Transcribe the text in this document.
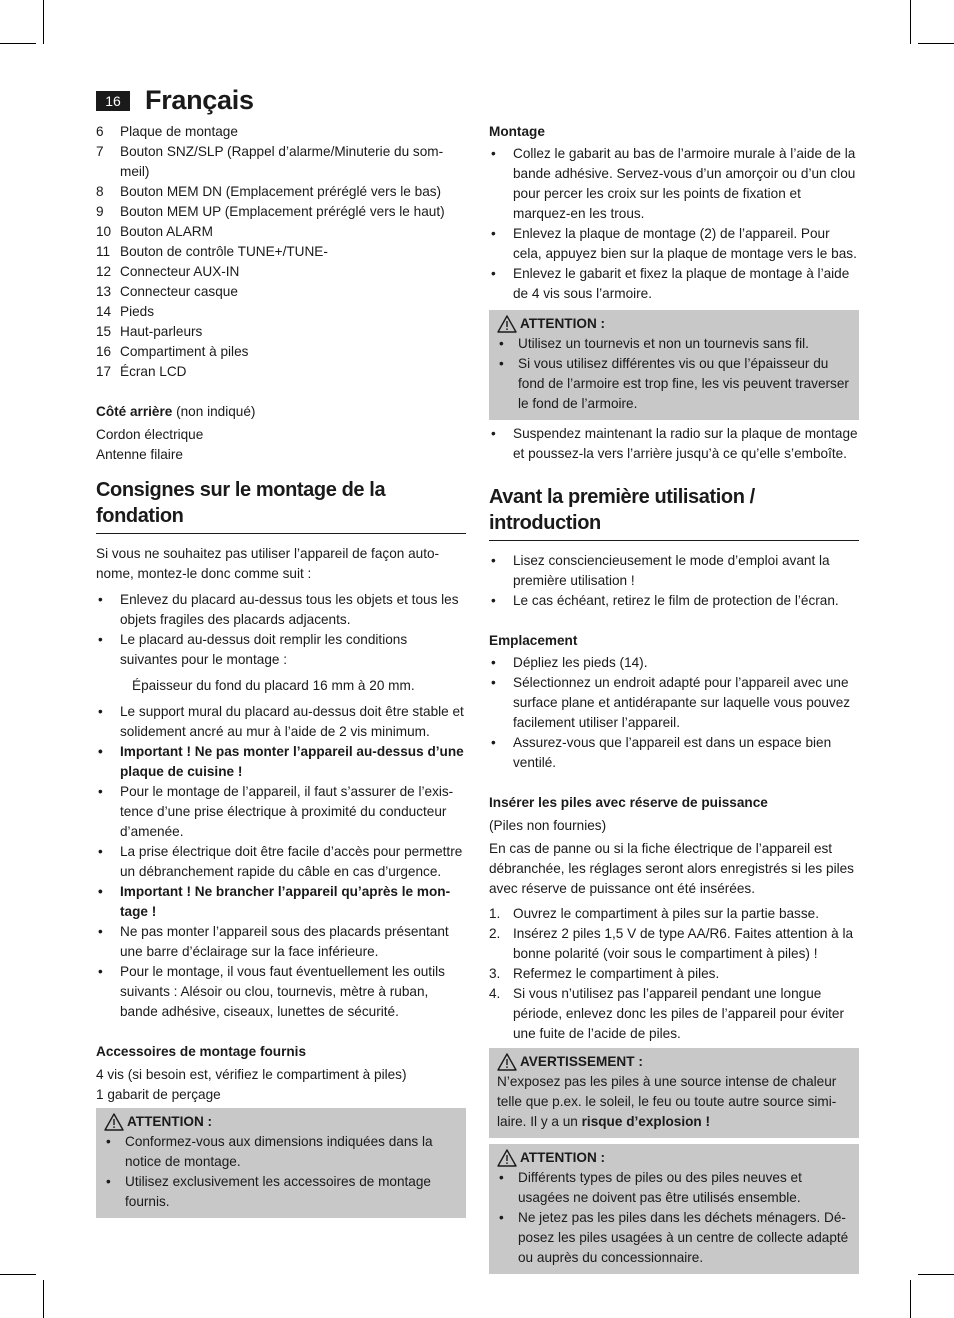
16 Français
6	Plaque de montage
7	Bouton SNZ/SLP (Rappel d’alarme/Minuterie du som-meil)
8	Bouton MEM DN (Emplacement préréglé vers le bas)
9	Bouton MEM UP (Emplacement préréglé vers le haut)
10 Bouton ALARM
11 Bouton de contrôle TUNE+/TUNE-
12 Connecteur AUX-IN
13 Connecteur casque
14 Pieds
15 Haut-parleurs
16 Compartiment à piles
17 Écran LCD

Côté arrière (non indiqué)

Cordon électrique

Antenne filaire

Consignes sur le montage de la fondation

Si vous ne souhaitez pas utiliser l’appareil de façon auto-nome, montez-le donc comme suit :

• Enlevez du placard au-dessus tous les objets et tous les objets fragiles des placards adjacents.
• Le placard au-dessus doit remplir les conditions suivantes pour le montage :

Épaisseur du fond du placard 16 mm à 20 mm.

• Le support mural du placard au-dessus doit être stable et solidement ancré au mur à l’aide de 2 vis minimum.
• Important ! Ne pas monter l’appareil au-dessus d’une plaque de cuisine !
• Pour le montage de l’appareil, il faut s’assurer de l’exis-tence d’une prise électrique à proximité du conducteur d’amenée.
• La prise électrique doit être facile d’accès pour permettre un débranchement rapide du câble en cas d’urgence.
• Important ! Ne brancher l’appareil qu’après le mon-tage !
• Ne pas monter l’appareil sous des placards présentant une barre d’éclairage sur la face inférieure.
• Pour le montage, il vous faut éventuellement les outils suivants : Alésoir ou clou, tournevis, mètre à ruban, bande adhésive, ciseaux, lunettes de sécurité.

Accessoires de montage fournis

4 vis (si besoin est, vérifiez le compartiment à piles)

1 gabarit de perçage

ATTENTION :
• Conformez-vous aux dimensions indiquées dans la notice de montage.
• Utilisez exclusivement les accessoires de montage fournis.

Montage

• Collez le gabarit au bas de l’armoire murale à l’aide de la bande adhésive. Servez-vous d’un amorçoir ou d’un clou pour percer les croix sur les points de fixation et marquez-en les trous.
• Enlevez la plaque de montage (2) de l’appareil. Pour cela, appuyez bien sur la plaque de montage vers le bas.
• Enlevez le gabarit et fixez la plaque de montage à l’aide de 4 vis sous l’armoire.
ATTENTION :
• Utilisez un tournevis et non un tournevis sans fil.
• Si vous utilisez différentes vis ou que l’épaisseur du fond de l’armoire est trop fine, les vis peuvent traverser le fond de l’armoire.
• Suspendez maintenant la radio sur la plaque de montage et poussez-la vers l’arrière jusqu’à ce qu’elle s’emboîte.
Avant la première utilisation / introduction
• Lisez consciencieusement le mode d’emploi avant la première utilisation !
• Le cas échéant, retirez le film de protection de l’écran.

Emplacement

• Dépliez les pieds (14).
• Sélectionnez un endroit adapté pour l’appareil avec une surface plane et antidérapante sur laquelle vous pouvez facilement utiliser l’appareil.
• Assurez-vous que l’appareil est dans un espace bien ventilé.

Insérer les piles avec réserve de puissance

(Piles non fournies)

En cas de panne ou si la fiche électrique de l’appareil est débranchée, les réglages seront alors enregistrés si les piles avec réserve de puissance ont été insérées.

1. Ouvrez le compartiment à piles sur la partie basse.
2. Insérez 2 piles 1,5 V de type AA/R6. Faites attention à la bonne polarité (voir sous le compartiment à piles) !
3. Refermez le compartiment à piles.
4. Si vous n’utilisez pas l’appareil pendant une longue période, enlevez donc les piles de l’appareil pour éviter une fuite de l’acide de piles.
AVERTISSEMENT :

N’exposez pas les piles à une source intense de chaleur telle que p.ex. le soleil, le feu ou toute autre source simi-laire. Il y a un risque d’explosion !

ATTENTION :
• Différents types de piles ou des piles neuves et usagées ne doivent pas être utilisés ensemble.
• Ne jetez pas les piles dans les déchets ménagers. Dé-posez les piles usagées à un centre de collecte adapté ou auprès du concessionnaire.
